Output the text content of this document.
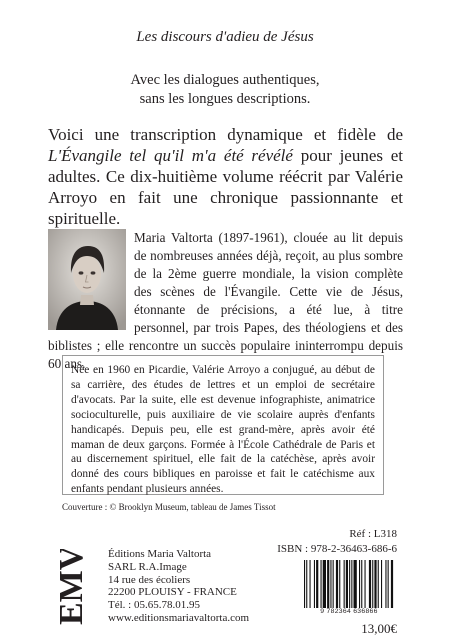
Les discours d'adieu de Jésus
Avec les dialogues authentiques,
sans les longues descriptions.
Voici une transcription dynamique et fidèle de L'Évangile tel qu'il m'a été révélé pour jeunes et adultes. Ce dix-huitième volume réécrit par Valérie Arroyo en fait une chronique passionnante et spirituelle.
Maria Valtorta (1897-1961), clouée au lit depuis de nombreuses années déjà, reçoit, au plus sombre de la 2ème guerre mondiale, la vision complète des scènes de l'Évangile. Cette vie de Jésus, étonnante de précisions, a été lue, à titre personnel, par trois Papes, des théologiens et des biblistes ; elle rencontre un succès populaire ininterrompu depuis 60 ans.
Née en 1960 en Picardie, Valérie Arroyo a conjugué, au début de sa carrière, des études de lettres et un emploi de secrétaire d'avocats. Par la suite, elle est devenue infographiste, animatrice socioculturelle, puis auxiliaire de vie scolaire auprès d'enfants handicapés. Depuis peu, elle est grand-mère, après avoir été maman de deux garçons. Formée à l'École Cathédrale de Paris et au discernement spirituel, elle fait de la catéchèse, après avoir donné des cours bibliques en paroisse et fait le catéchisme aux enfants pendant plusieurs années.
Couverture : © Brooklyn Museum, tableau de James Tissot
Réf : L318
ISBN : 978-2-36463-686-6
EMV Éditions Maria Valtorta
SARL R.A.Image
14 rue des écoliers
22200 PLOUISY - FRANCE
Tél. : 05.65.78.01.95
www.editionsmariavaltorta.com
9 782364 636866
13,00€
